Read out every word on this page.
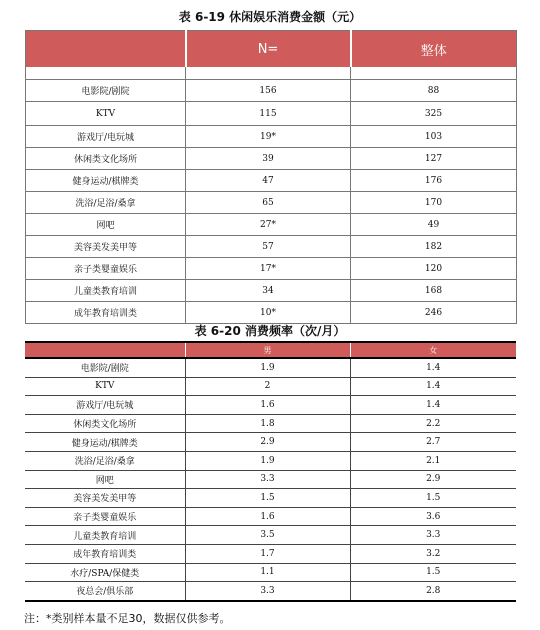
表 6-19 休闲娱乐消费金额（元）
	N=	整体

电影院/剧院	156	88
KTV	115	325
游戏厅/电玩城	19*	103
休闲类文化场所	39	127
健身运动/棋牌类	47	176
洗浴/足浴/桑拿	65	170
网吧	27*	49
美容美发美甲等	57	182
亲子类婴童娱乐	17*	120
儿童类教育培训	34	168
成年教育培训类	10*	246
表 6-20 消费频率（次/月）
	男	女
电影院/剧院	1.9	1.4
KTV	2	1.4
游戏厅/电玩城	1.6	1.4
休闲类文化场所	1.8	2.2
健身运动/棋牌类	2.9	2.7
洗浴/足浴/桑拿	1.9	2.1
网吧	3.3	2.9
美容美发美甲等	1.5	1.5
亲子类婴童娱乐	1.6	3.6
儿童类教育培训	3.5	3.3
成年教育培训类	1.7	3.2
水疗/SPA/保健类	1.1	1.5
夜总会/俱乐部	3.3	2.8
注：*类别样本量不足30，数据仅供参考。
